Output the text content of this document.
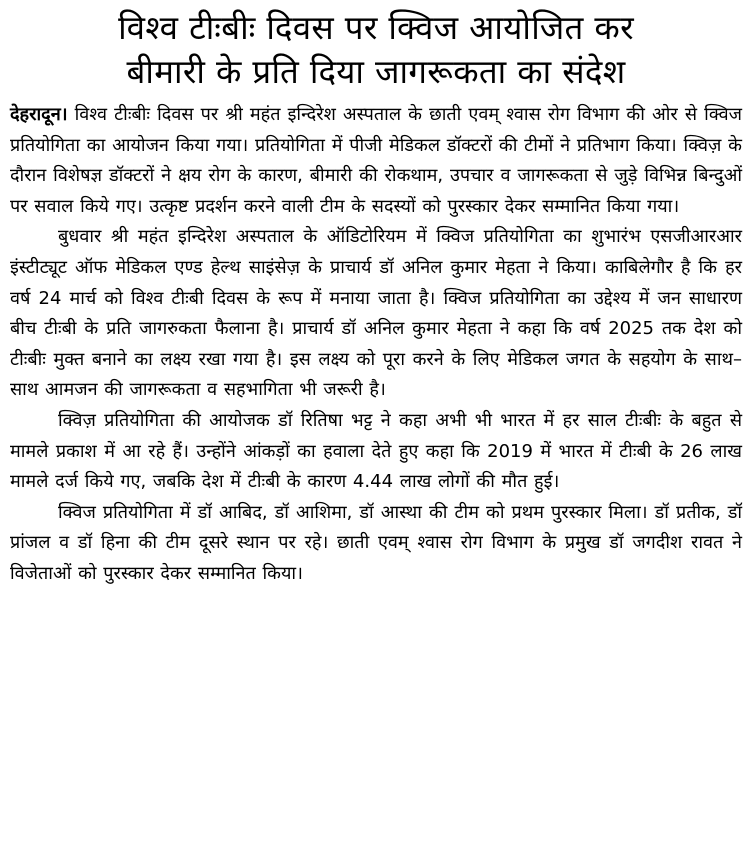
विश्व टीःबीः दिवस पर क्विज आयोजित कर
बीमारी के प्रति दिया जागरूकता का संदेश

देहरादून। विश्व टीःबीः दिवस पर श्री महंत इन्दिरेश अस्पताल के छाती एवम् श्वास रोग विभाग की ओर से क्विज प्रतियोगिता का आयोजन किया गया। प्रतियोगिता में पीजी मेडिकल डॉक्टरों की टीमों ने प्रतिभाग किया। क्विज़ के दौरान विशेषज्ञ डॉक्टरों ने क्षय रोग के कारण, बीमारी की रोकथाम, उपचार व जागरूकता से जुड़े विभिन्न बिन्दुओं पर सवाल किये गए। उत्कृष्ट प्रदर्शन करने वाली टीम के सदस्यों को पुरस्कार देकर सम्मानित किया गया।

बुधवार श्री महंत इन्दिरेश अस्पताल के ऑडिटोरियम में क्विज प्रतियोगिता का शुभारंभ एसजीआरआर इंस्टीट्यूट ऑफ मेडिकल एण्ड हेल्थ साइंसेज़ के प्राचार्य डॉ अनिल कुमार मेहता ने किया। काबिलेगौर है कि हर वर्ष 24 मार्च को विश्व टीःबी दिवस के रूप में मनाया जाता है। क्विज प्रतियोगिता का उद्देश्य में जन साधारण बीच टीःबी के प्रति जागरुकता फैलाना है। प्राचार्य डॉ अनिल कुमार मेहता ने कहा कि वर्ष 2025 तक देश को टीःबीः मुक्त बनाने का लक्ष्य रखा गया है। इस लक्ष्य को पूरा करने के लिए मेडिकल जगत के सहयोग के साथ–साथ आमजन की जागरूकता व सहभागिता भी जरूरी है।

क्विज़ प्रतियोगिता की आयोजक डॉ रितिषा भट्ट ने कहा अभी भी भारत में हर साल टीःबीः के बहुत से मामले प्रकाश में आ रहे हैं। उन्होंने आंकड़ों का हवाला देते हुए कहा कि 2019 में भारत में टीःबी के 26 लाख मामले दर्ज किये गए, जबकि देश में टीःबी के कारण 4.44 लाख लोगों की मौत हुई।

क्विज प्रतियोगिता में डॉ आबिद, डॉ आशिमा, डॉ आस्था की टीम को प्रथम पुरस्कार मिला। डॉ प्रतीक, डॉ प्रांजल व डॉ हिना की टीम दूसरे स्थान पर रहे। छाती एवम् श्वास रोग विभाग के प्रमुख डॉ जगदीश रावत ने विजेताओं को पुरस्कार देकर सम्मानित किया।
